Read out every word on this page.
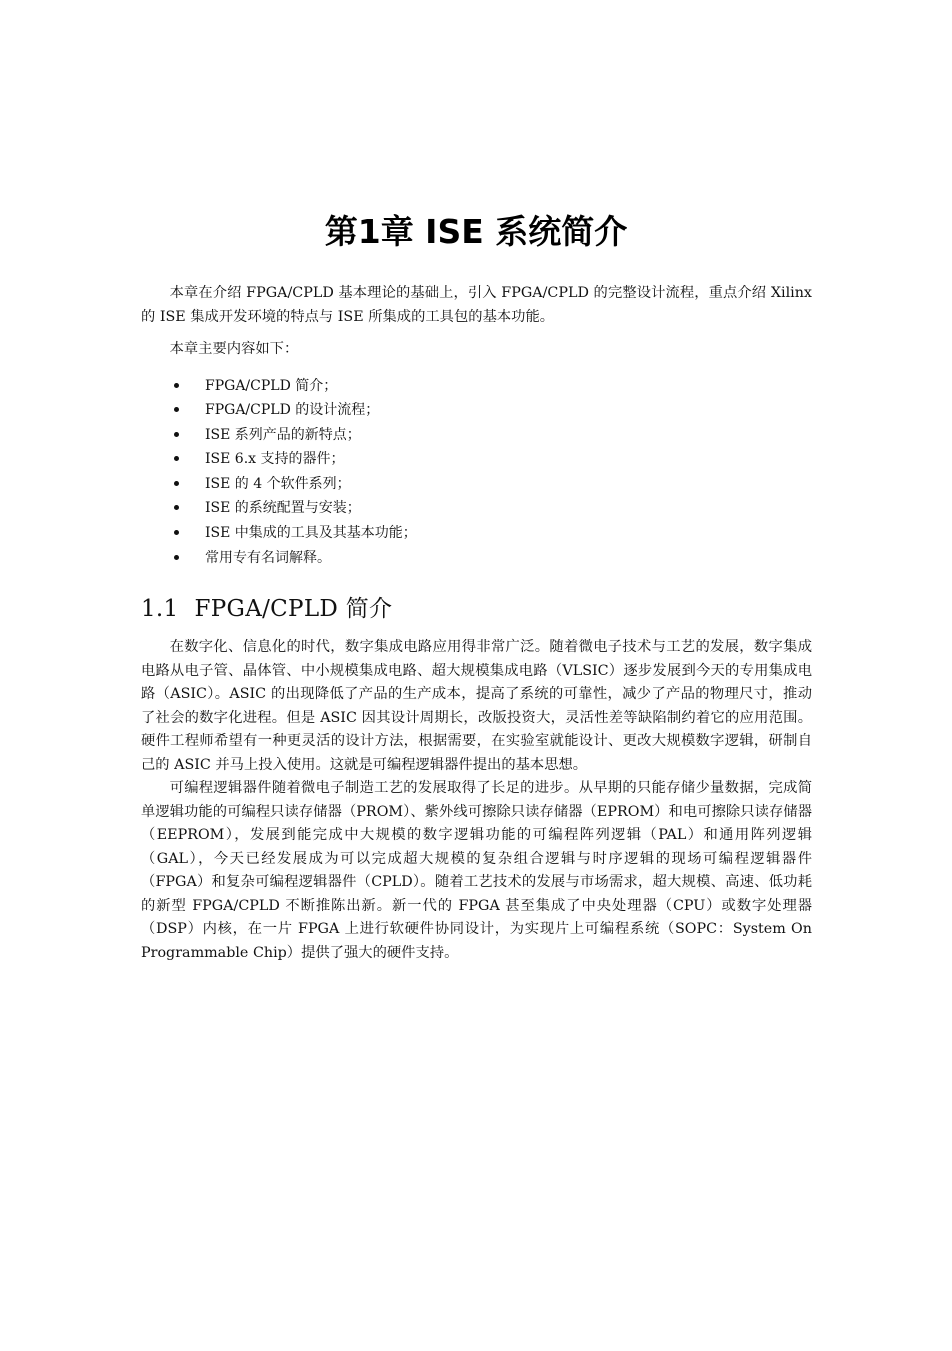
第1章 ISE 系统简介

本章在介绍 FPGA/CPLD 基本理论的基础上，引入 FPGA/CPLD 的完整设计流程，重点介绍 Xilinx 的 ISE 集成开发环境的特点与 ISE 所集成的工具包的基本功能。

本章主要内容如下：

FPGA/CPLD 简介；
FPGA/CPLD 的设计流程；
ISE 系列产品的新特点；
ISE 6.x 支持的器件；
ISE 的 4 个软件系列；
ISE 的系统配置与安装；
ISE 中集成的工具及其基本功能；
常用专有名词解释。
1.1 FPGA/CPLD 简介

在数字化、信息化的时代，数字集成电路应用得非常广泛。随着微电子技术与工艺的发展，数字集成电路从电子管、晶体管、中小规模集成电路、超大规模集成电路（VLSIC）逐步发展到今天的专用集成电路（ASIC）。ASIC 的出现降低了产品的生产成本，提高了系统的可靠性，减少了产品的物理尺寸，推动了社会的数字化进程。但是 ASIC 因其设计周期长，改版投资大，灵活性差等缺陷制约着它的应用范围。硬件工程师希望有一种更灵活的设计方法，根据需要，在实验室就能设计、更改大规模数字逻辑，研制自己的 ASIC 并马上投入使用。这就是可编程逻辑器件提出的基本思想。

可编程逻辑器件随着微电子制造工艺的发展取得了长足的进步。从早期的只能存储少量数据，完成简单逻辑功能的可编程只读存储器（PROM）、紫外线可擦除只读存储器（EPROM）和电可擦除只读存储器（EEPROM），发展到能完成中大规模的数字逻辑功能的可编程阵列逻辑（PAL）和通用阵列逻辑（GAL），今天已经发展成为可以完成超大规模的复杂组合逻辑与时序逻辑的现场可编程逻辑器件（FPGA）和复杂可编程逻辑器件（CPLD）。随着工艺技术的发展与市场需求，超大规模、高速、低功耗的新型 FPGA/CPLD 不断推陈出新。新一代的 FPGA 甚至集成了中央处理器（CPU）或数字处理器（DSP）内核，在一片 FPGA 上进行软硬件协同设计，为实现片上可编程系统（SOPC：System On Programmable Chip）提供了强大的硬件支持。
